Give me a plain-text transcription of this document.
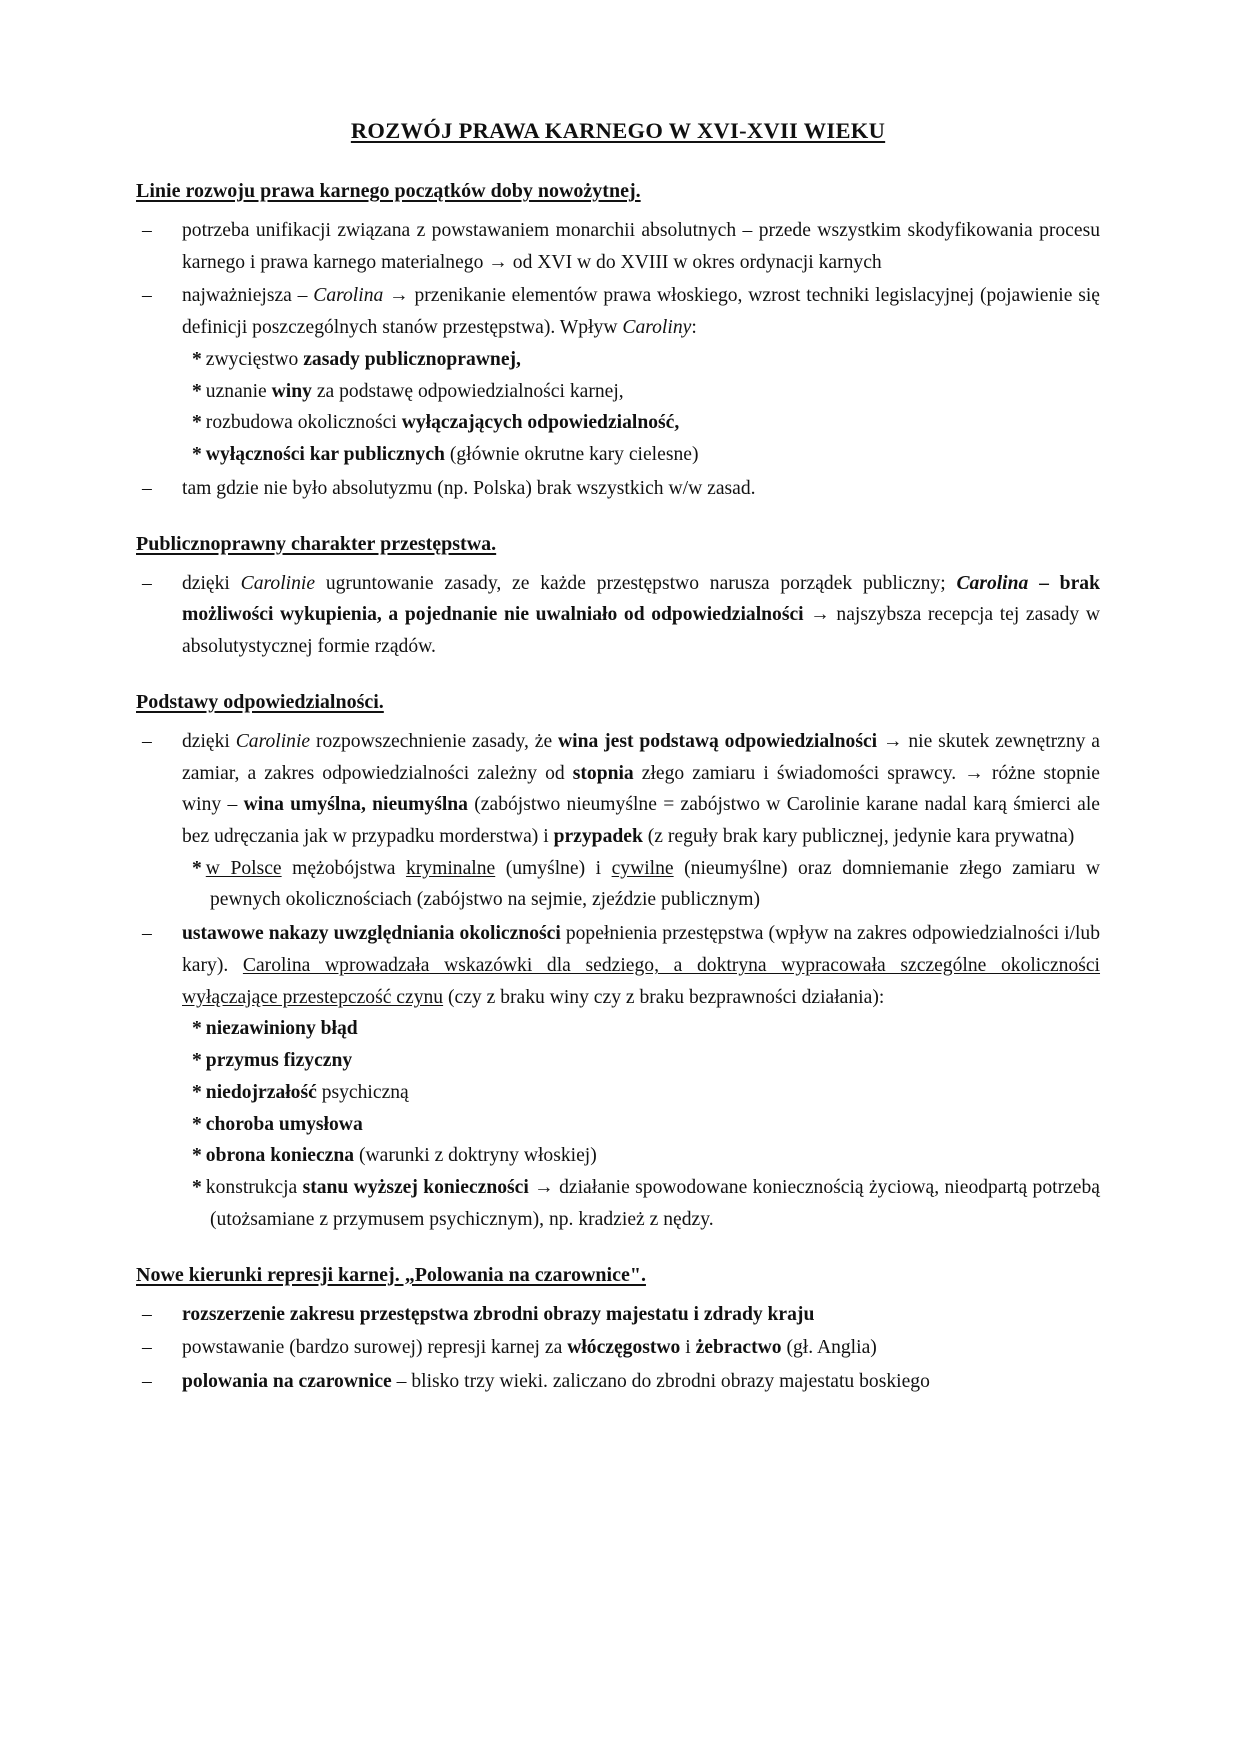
ROZWÓJ PRAWA KARNEGO W XVI-XVII WIEKU
Linie rozwoju prawa karnego początków doby nowożytnej.
– potrzeba unifikacji związana z powstawaniem monarchii absolutnych – przede wszystkim skodyfikowania procesu karnego i prawa karnego materialnego → od XVI w do XVIII w okres ordynacji karnych
– najważniejsza – Carolina → przenikanie elementów prawa włoskiego, wzrost techniki legislacyjnej (pojawienie się definicji poszczególnych stanów przestępstwa). Wpływ Caroliny:
* zwycięstwo zasady publicznoprawnej,
* uznanie winy za podstawę odpowiedzialności karnej,
* rozbudowa okoliczności wyłączających odpowiedzialność,
* wyłączności kar publicznych (głównie okrutne kary cielesne)
– tam gdzie nie było absolutyzmu (np. Polska) brak wszystkich w/w zasad.
Publicznoprawny charakter przestępstwa.
– dzięki Carolinie ugruntowanie zasady, ze każde przestępstwo narusza porządek publiczny; Carolina – brak możliwości wykupienia, a pojednanie nie uwalniało od odpowiedzialności → najszybsza recepcja tej zasady w absolutystycznej formie rządów.
Podstawy odpowiedzialności.
– dzięki Carolinie rozpowszechnienie zasady, że wina jest podstawą odpowiedzialności → nie skutek zewnętrzny a zamiar, a zakres odpowiedzialności zależny od stopnia złego zamiaru i świadomości sprawcy. → różne stopnie winy – wina umyślna, nieumyślna (zabójstwo nieumyślne = zabójstwo w Carolinie karane nadal karą śmierci ale bez udręczania jak w przypadku morderstwa) i przypadek (z reguły brak kary publicznej, jedynie kara prywatna)
* w Polsce mężobójstwa kryminalne (umyślne) i cywilne (nieumyślne) oraz domniemanie złego zamiaru w pewnych okolicznościach (zabójstwo na sejmie, zjeździe publicznym)
– ustawowe nakazy uwzględniania okoliczności popełnienia przestępstwa (wpływ na zakres odpowiedzialności i/lub kary). Carolina wprowadzała wskazówki dla sedziego, a doktryna wypracowała szczególne okoliczności wyłączające przestepczość czynu (czy z braku winy czy z braku bezprawności działania):
* niezawiniony błąd
* przymus fizyczny
* niedojrzałość psychiczną
* choroba umysłowa
* obrona konieczna (warunki z doktryny włoskiej)
* konstrukcja stanu wyższej konieczności → działanie spowodowane koniecznością życiową, nieodpartą potrzebą (utożsamiane z przymusem psychicznym), np. kradzież z nędzy.
Nowe kierunki represji karnej. „Polowania na czarownice".
– rozszerzenie zakresu przestępstwa zbrodni obrazy majestatu i zdrady kraju
– powstawanie (bardzo surowej) represji karnej za włóczęgostwo i żebractwo (gł. Anglia)
– polowania na czarownice – blisko trzy wieki. zaliczano do zbrodni obrazy majestatu boskiego
